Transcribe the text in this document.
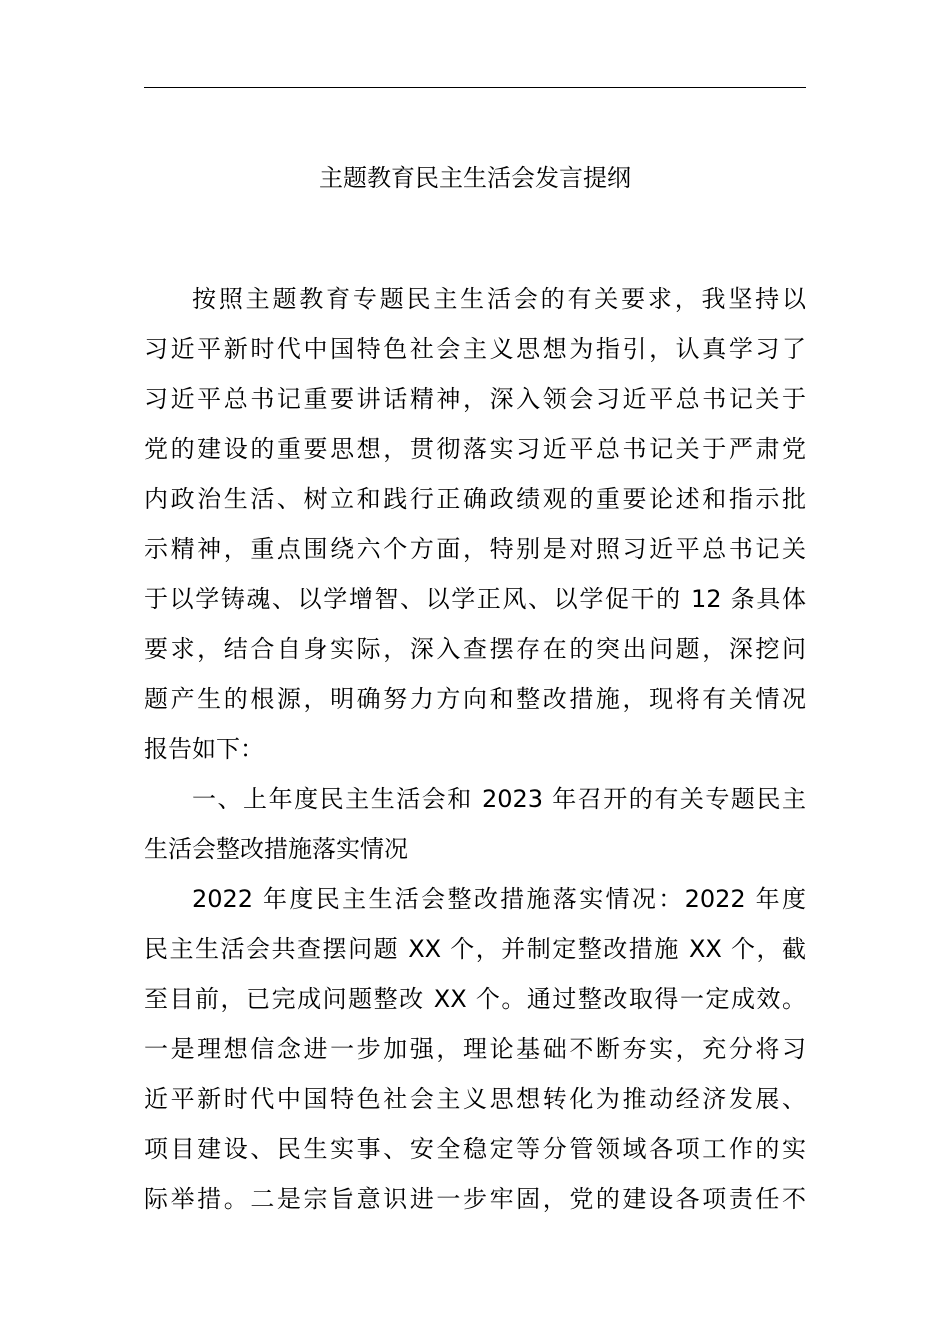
主题教育民主生活会发言提纲
按照主题教育专题民主生活会的有关要求，我坚持以
习近平新时代中国特色社会主义思想为指引，认真学习了
习近平总书记重要讲话精神，深入领会习近平总书记关于
党的建设的重要思想，贯彻落实习近平总书记关于严肃党
内政治生活、树立和践行正确政绩观的重要论述和指示批
示精神，重点围绕六个方面，特别是对照习近平总书记关
于以学铸魂、以学增智、以学正风、以学促干的 12 条具体
要求，结合自身实际，深入查摆存在的突出问题，深挖问
题产生的根源，明确努力方向和整改措施，现将有关情况
报告如下：
一、上年度民主生活会和 2023 年召开的有关专题民主
生活会整改措施落实情况
2022 年度民主生活会整改措施落实情况：2022 年度
民主生活会共查摆问题 XX 个，并制定整改措施 XX 个，截
至目前，已完成问题整改 XX 个。通过整改取得一定成效。
一是理想信念进一步加强，理论基础不断夯实，充分将习
近平新时代中国特色社会主义思想转化为推动经济发展、
项目建设、民生实事、安全稳定等分管领域各项工作的实
际举措。二是宗旨意识进一步牢固，党的建设各项责任不
